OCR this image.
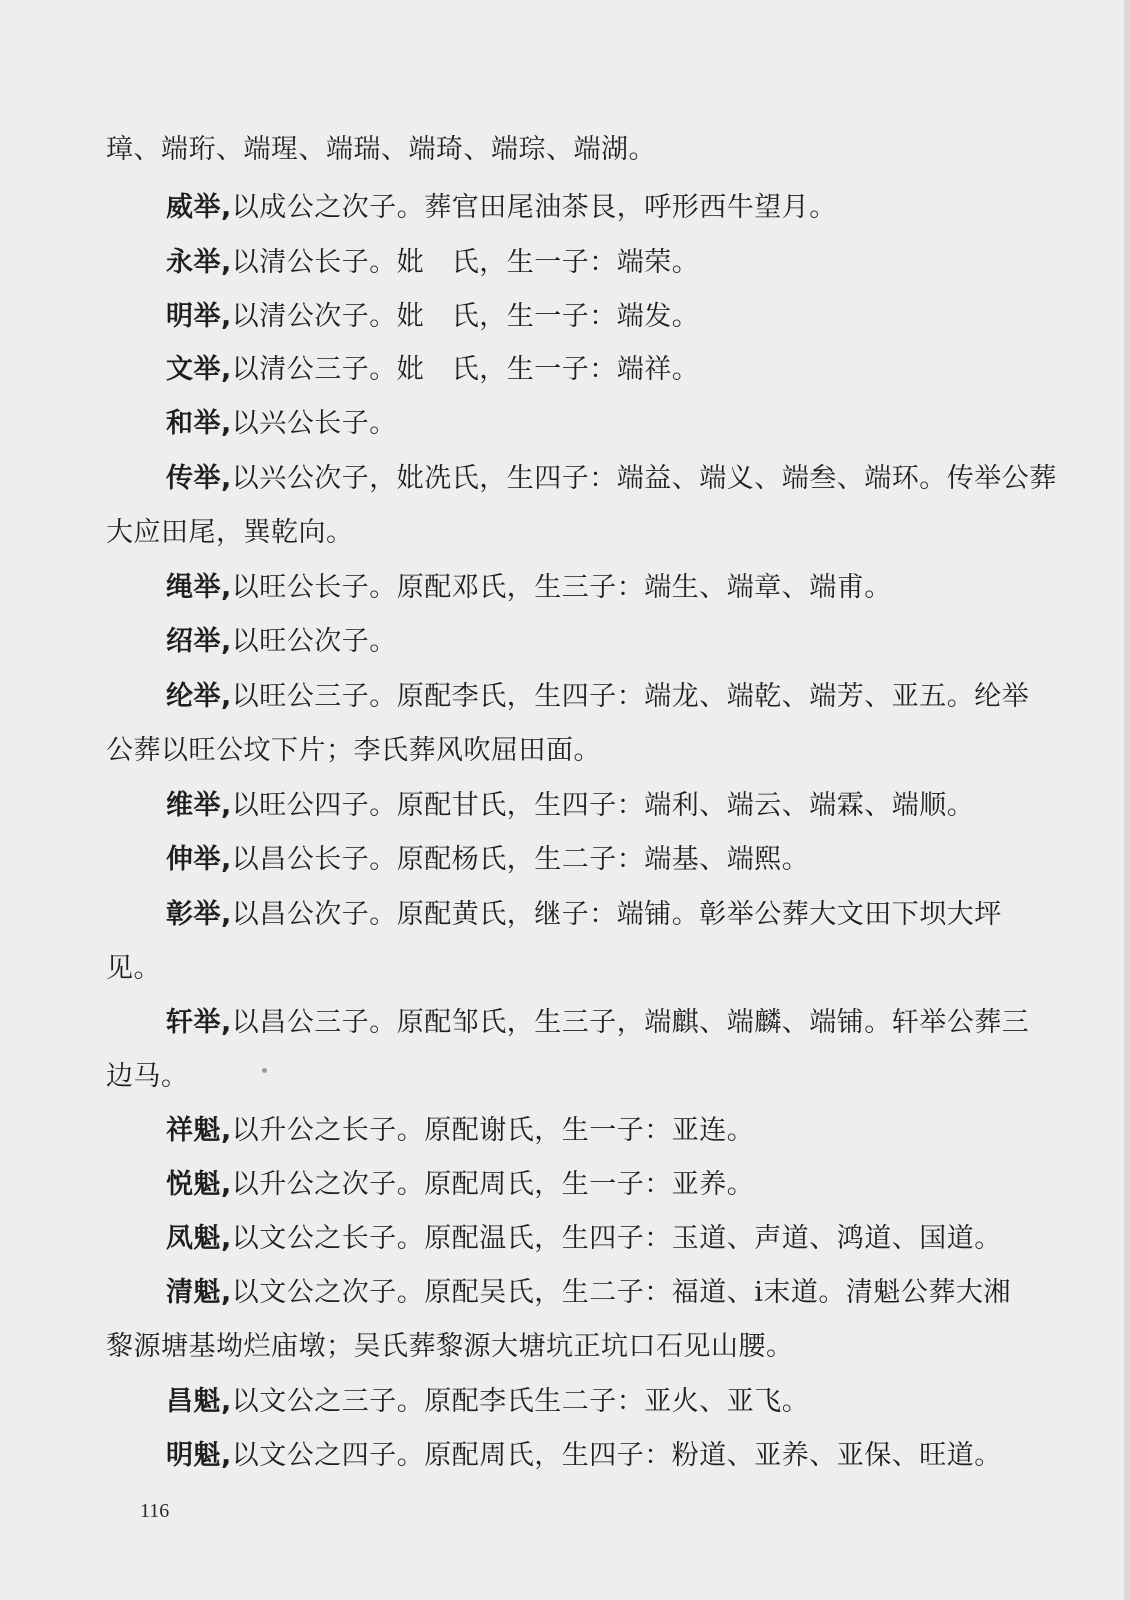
璋、端珩、端瑆、端瑞、端琦、端琮、端湖。
威举,以成公之次子。葬官田尾油茶艮，呼形西牛望月。
永举,以清公长子。妣　氏，生一子：端荣。
明举,以清公次子。妣　氏，生一子：端发。
文举,以清公三子。妣　氏，生一子：端祥。
和举,以兴公长子。
传举,以兴公次子，妣冼氏，生四子：端益、端义、端叁、端环。传举公葬
大应田尾，巽乾向。
绳举,以旺公长子。原配邓氏，生三子：端生、端章、端甫。
绍举,以旺公次子。
纶举,以旺公三子。原配李氏，生四子：端龙、端乾、端芳、亚五。纶举
公葬以旺公坟下片；李氏葬风吹屈田面。
维举,以旺公四子。原配甘氏，生四子：端利、端云、端霖、端顺。
伸举,以昌公长子。原配杨氏，生二子：端基、端熙。
彰举,以昌公次子。原配黄氏，继子：端铺。彰举公葬大文田下坝大坪
见。
轩举,以昌公三子。原配邹氏，生三子，端麒、端麟、端铺。轩举公葬三
边马。
祥魁,以升公之长子。原配谢氏，生一子：亚连。
悦魁,以升公之次子。原配周氏，生一子：亚养。
凤魁,以文公之长子。原配温氏，生四子：玉道、声道、鸿道、国道。
清魁,以文公之次子。原配吴氏，生二子：福道、i末道。清魁公葬大湘
黎源塘基坳烂庙墩；吴氏葬黎源大塘坑正坑口石见山腰。
昌魁,以文公之三子。原配李氏生二子：亚火、亚飞。
明魁,以文公之四子。原配周氏，生四子：粉道、亚养、亚保、旺道。
116
